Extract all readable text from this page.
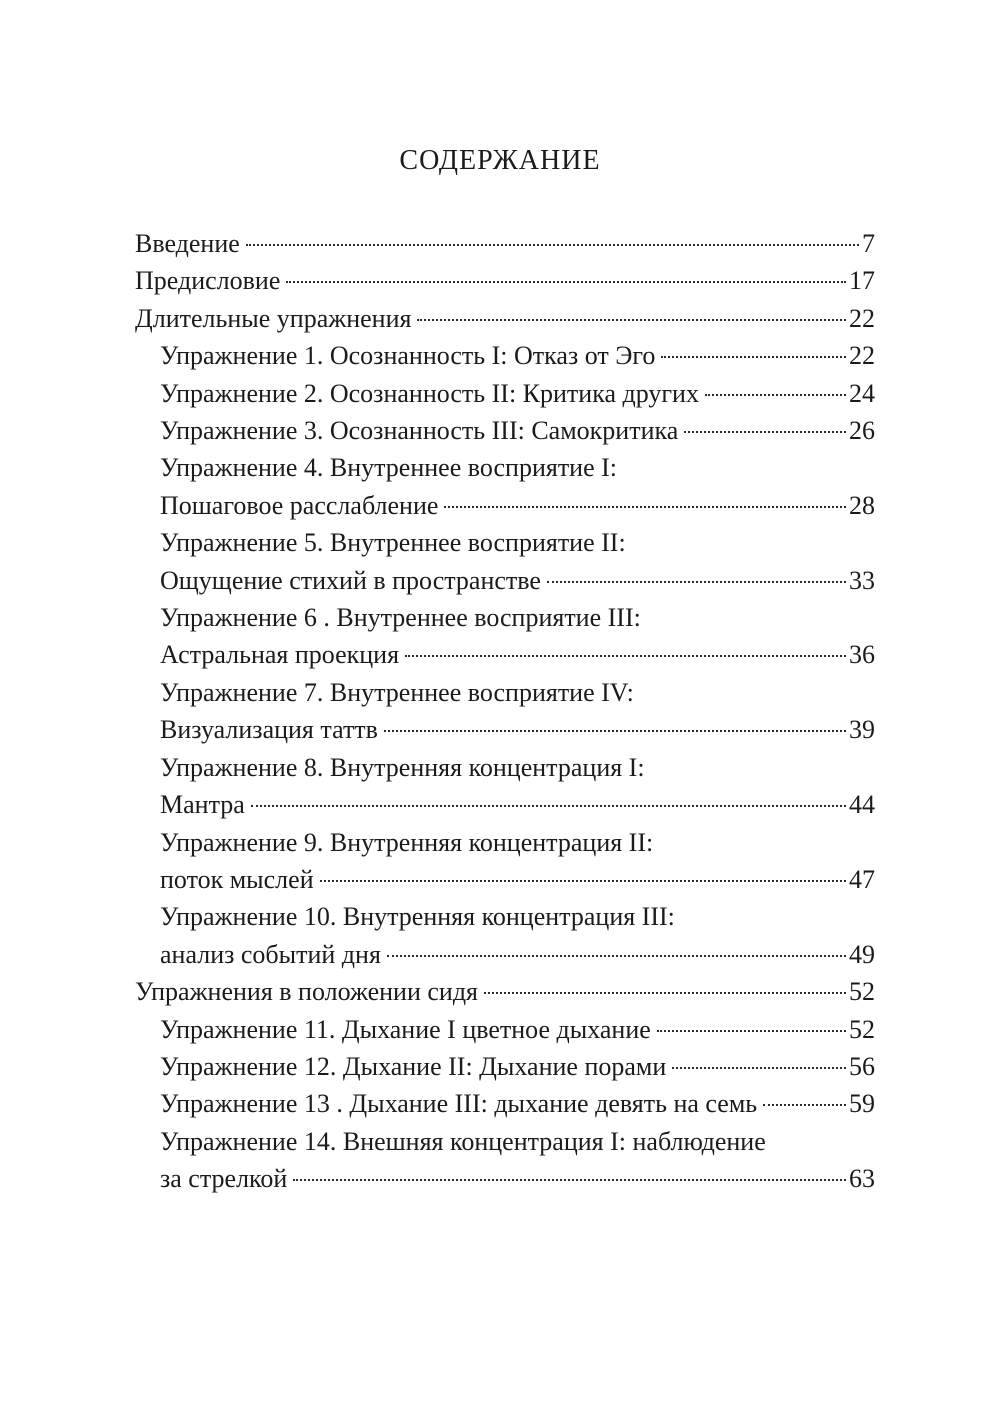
СОДЕРЖАНИЕ
Введение	7
Предисловие	17
Длительные упражнения	22
Упражнение 1. Осознанность I: Отказ от Эго	22
Упражнение 2. Осознанность II: Критика других	24
Упражнение 3. Осознанность III: Самокритика	26
Упражнение 4. Внутреннее восприятие I:
Пошаговое расслабление	28
Упражнение 5. Внутреннее восприятие II:
Ощущение стихий в пространстве	33
Упражнение 6 . Внутреннее восприятие III:
Астральная проекция	36
Упражнение 7. Внутреннее восприятие IV:
Визуализация таттв	39
Упражнение 8. Внутренняя концентрация I:
Мантра	44
Упражнение 9. Внутренняя концентрация II:
поток мыслей	47
Упражнение 10. Внутренняя концентрация III:
анализ событий дня	49
Упражнения в положении сидя	52
Упражнение 11. Дыхание I цветное дыхание	52
Упражнение 12. Дыхание II: Дыхание порами	56
Упражнение 13 . Дыхание III: дыхание девять на семь	59
Упражнение 14. Внешняя концентрация I: наблюдение
за стрелкой	63
